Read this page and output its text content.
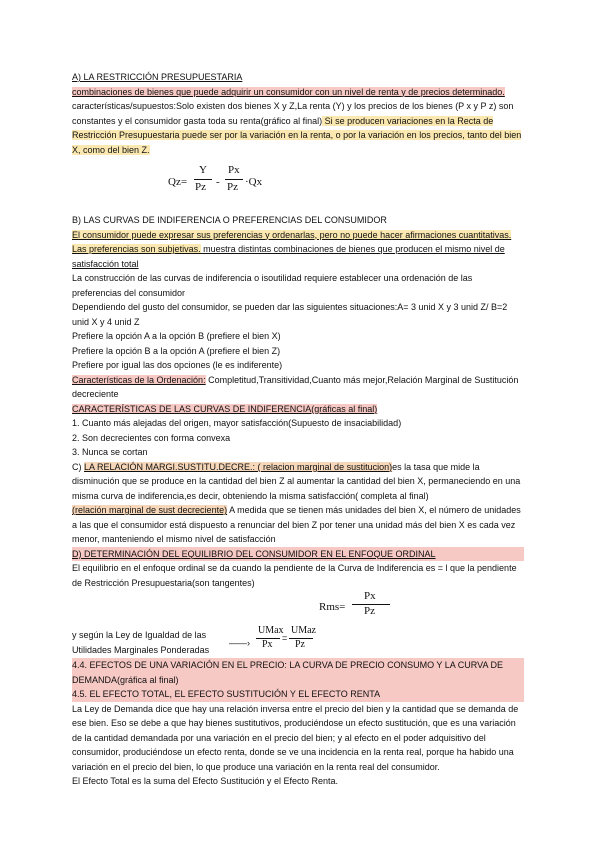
A) LA RESTRICCIÓN PRESUPUESTARIA

combinaciones de bienes que puede adquirir un consumidor con un nivel de renta y de precios determinado. características/supuestos:Solo existen dos bienes X y Z,La renta (Y) y los precios de los bienes (P x y P z) son constantes y el consumidor gasta toda su renta(gráfico al final) Si se producen variaciones en la Recta de Restricción Presupuestaria puede ser por la variación en la renta, o por la variación en los precios, tanto del bien X, como del bien Z.

Qz=
Y
Pz -
Px
Pz ·Qx

B) LAS CURVAS DE INDIFERENCIA O PREFERENCIAS DEL CONSUMIDOR

El consumidor puede expresar sus preferencias y ordenarlas, pero no puede hacer afirmaciones cuantitativas. Las preferencias son subjetivas. muestra distintas combinaciones de bienes que producen el mismo nivel de satisfacción total

La construcción de las curvas de indiferencia o isoutilidad requiere establecer una ordenación de las preferencias del consumidor

Dependiendo del gusto del consumidor, se pueden dar las siguientes situaciones:A= 3 unid X y 3 unid Z/ B=2 unid X y 4 unid Z

Prefiere la opción A a la opción B (prefiere el bien X)

Prefiere la opción B a la opción A (prefiere el bien Z)

Prefiere por igual las dos opciones (le es indiferente)

Características de la Ordenación: Completitud,Transitividad,Cuanto más mejor,Relación Marginal de Sustitución decreciente

CARACTERÍSTICAS DE LAS CURVAS DE INDIFERENCIA(gráficas al final)

1. Cuanto más alejadas del origen, mayor satisfacción(Supuesto de insaciabilidad)

2. Son decrecientes con forma convexa

3. Nunca se cortan

C) LA RELACIÓN MARGI.SUSTITU.DECRE.: ( relacion marginal de sustitucion)es la tasa que mide la disminución que se produce en la cantidad del bien Z al aumentar la cantidad del bien X, permaneciendo en una misma curva de indiferencia,es decir, obteniendo la misma satisfacción( completa al final)

(relación marginal de sust decreciente) A medida que se tienen más unidades del bien X, el número de unidades a las que el consumidor está dispuesto a renunciar del bien Z por tener una unidad más del bien X es cada vez menor, manteniendo el mismo nivel de satisfacción

D) DETERMINACIÓN DEL EQUILIBRIO DEL CONSUMIDOR EN EL ENFOQUE ORDINAL

El equilibrio en el enfoque ordinal se da cuando la pendiente de la Curva de Indiferencia es = l que la pendiente de Restricción Presupuestaria(son tangentes)

Rms=
Px
Pz
y según la Ley de Igualdad de las Utilidades Marginales Ponderadas
——›
UMax
Px
=
UMaz
Pz

4.4. EFECTOS DE UNA VARIACIÓN EN EL PRECIO: LA CURVA DE PRECIO CONSUMO Y LA CURVA DE DEMANDA(gráfica al final)

4.5. EL EFECTO TOTAL, EL EFECTO SUSTITUCIÓN Y EL EFECTO RENTA

La Ley de Demanda dice que hay una relación inversa entre el precio del bien y la cantidad que se demanda de ese bien. Eso se debe a que hay bienes sustitutivos, produciéndose un efecto sustitución, que es una variación de la cantidad demandada por una variación en el precio del bien; y al efecto en el poder adquisitivo del consumidor, produciéndose un efecto renta, donde se ve una incidencia en la renta real, porque ha habido una variación en el precio del bien, lo que produce una variación en la renta real del consumidor.

El Efecto Total es la suma del Efecto Sustitución y el Efecto Renta.
